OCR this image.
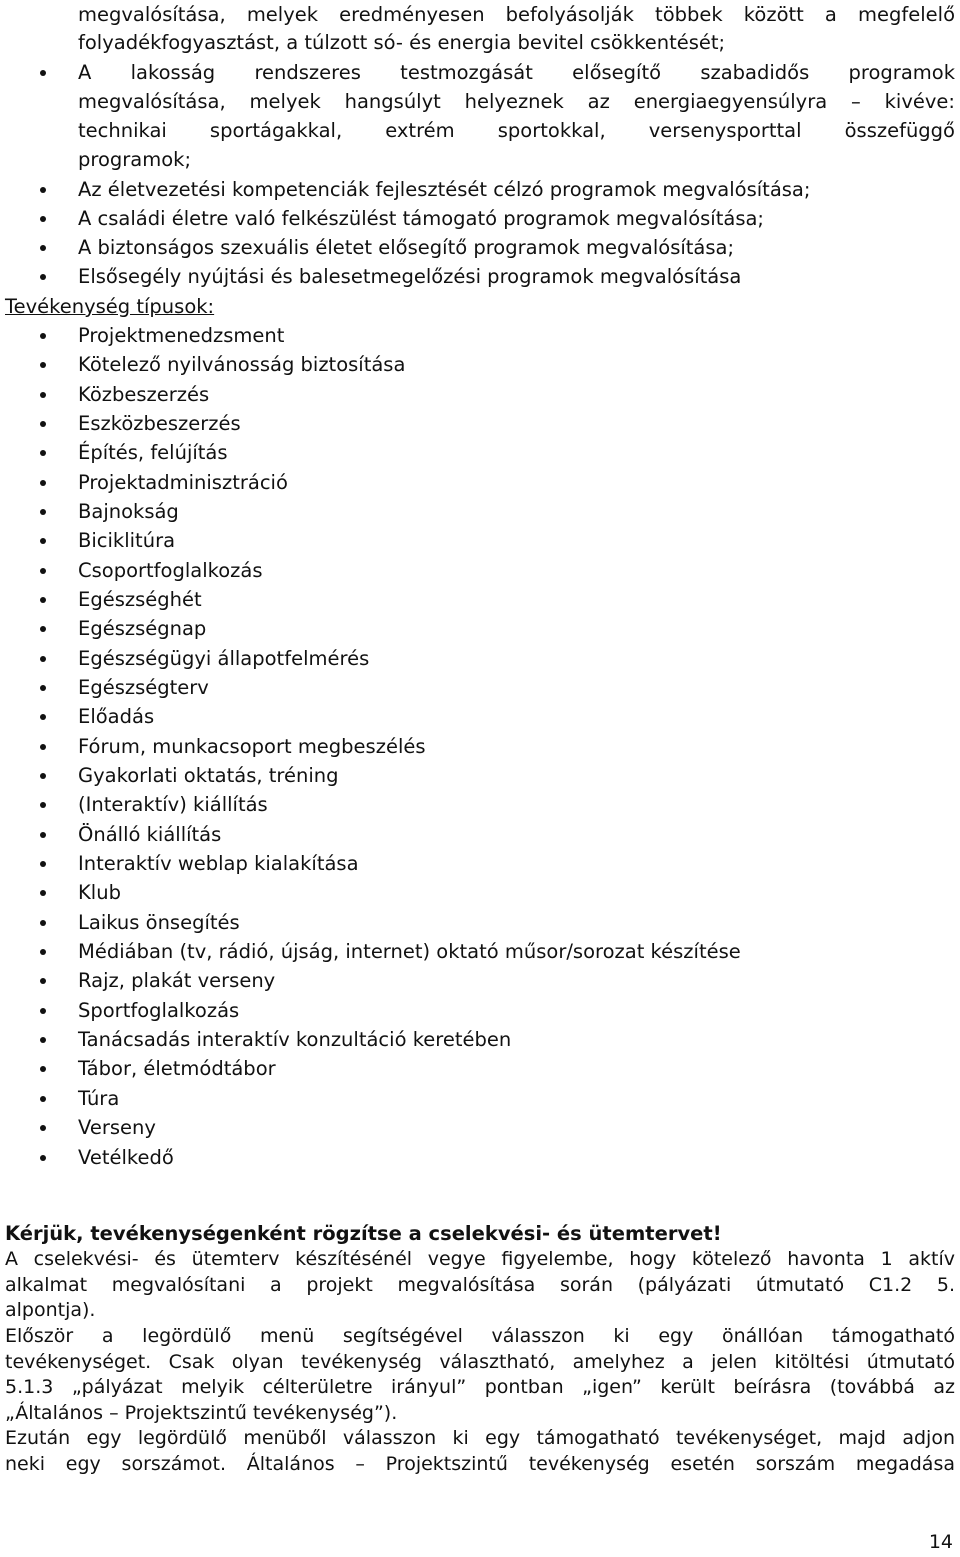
megvalósítása, melyek eredményesen befolyásolják többek között a megfelelő
folyadékfogyasztást, a túlzott só- és energia bevitel csökkentését;
A lakosság rendszeres testmozgását elősegítő szabadidős programok
megvalósítása, melyek hangsúlyt helyeznek az energiaegyensúlyra – kivéve:
technikai sportágakkal, extrém sportokkal, versenysporttal összefüggő
programok;
Az életvezetési kompetenciák fejlesztését célzó programok megvalósítása;
A családi életre való felkészülést támogató programok megvalósítása;
A biztonságos szexuális életet elősegítő programok megvalósítása;
Elsősegély nyújtási és balesetmegelőzési programok megvalósítása
Tevékenység típusok:
Projektmenedzsment
Kötelező nyilvánosság biztosítása
Közbeszerzés
Eszközbeszerzés
Építés, felújítás
Projektadminisztráció
Bajnokság
Biciklitúra
Csoportfoglalkozás
Egészséghét
Egészségnap
Egészségügyi állapotfelmérés
Egészségterv
Előadás
Fórum, munkacsoport megbeszélés
Gyakorlati oktatás, tréning
(Interaktív) kiállítás
Önálló kiállítás
Interaktív weblap kialakítása
Klub
Laikus önsegítés
Médiában (tv, rádió, újság, internet) oktató műsor/sorozat készítése
Rajz, plakát verseny
Sportfoglalkozás
Tanácsadás interaktív konzultáció keretében
Tábor, életmódtábor
Túra
Verseny
Vetélkedő
Kérjük, tevékenységenként rögzítse a cselekvési- és ütemtervet!
A cselekvési- és ütemterv készítésénél vegye figyelembe, hogy kötelező havonta 1 aktív
alkalmat megvalósítani a projekt megvalósítása során (pályázati útmutató C1.2 5.
alpontja).
Először a legördülő menü segítségével válasszon ki egy önállóan támogatható
tevékenységet. Csak olyan tevékenység választható, amelyhez a jelen kitöltési útmutató
5.1.3 „pályázat melyik célterületre irányul” pontban „igen” került beírásra (továbbá az
„Általános – Projektszintű tevékenység”).
Ezután egy legördülő menüből válasszon ki egy támogatható tevékenységet, majd adjon
neki egy sorszámot. Általános – Projektszintű tevékenység esetén sorszám megadása
14
